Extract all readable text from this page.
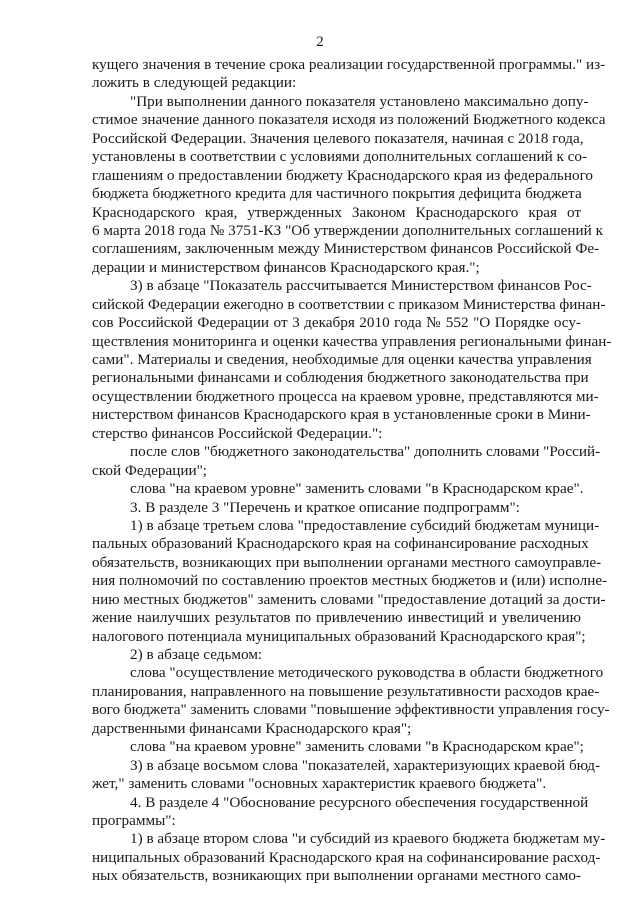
2
кущего значения в течение срока реализации государственной программы." из-
ложить в следующей редакции:
"При выполнении данного показателя установлено максимально допу-
стимое значение данного показателя исходя из положений Бюджетного кодекса
Российской Федерации. Значения целевого показателя, начиная с 2018 года,
установлены в соответствии с условиями дополнительных соглашений к со-
глашениям о предоставлении бюджету Краснодарского края из федерального
бюджета бюджетного кредита для частичного покрытия дефицита бюджета
Краснодарского края, утвержденных Законом Краснодарского края от
6 марта 2018 года № 3751-КЗ "Об утверждении дополнительных соглашений к
соглашениям, заключенным между Министерством финансов Российской Фе-
дерации и министерством финансов Краснодарского края.";
3) в абзаце "Показатель рассчитывается Министерством финансов Рос-
сийской Федерации ежегодно в соответствии с приказом Министерства финан-
сов Российской Федерации от 3 декабря 2010 года № 552 "О Порядке осу-
ществления мониторинга и оценки качества управления региональными финан-
сами". Материалы и сведения, необходимые для оценки качества управления
региональными финансами и соблюдения бюджетного законодательства при
осуществлении бюджетного процесса на краевом уровне, представляются ми-
нистерством финансов Краснодарского края в установленные сроки в Мини-
стерство финансов Российской Федерации.":
после слов "бюджетного законодательства" дополнить словами "Россий-
ской Федерации";
слова "на краевом уровне" заменить словами "в Краснодарском крае".
3. В разделе 3 "Перечень и краткое описание подпрограмм":
1) в абзаце третьем слова "предоставление субсидий бюджетам муници-
пальных образований Краснодарского края на софинансирование расходных
обязательств, возникающих при выполнении органами местного самоуправле-
ния полномочий по составлению проектов местных бюджетов и (или) исполне-
нию местных бюджетов" заменить словами "предоставление дотаций за дости-
жение наилучших результатов по привлечению инвестиций и увеличению
налогового потенциала муниципальных образований Краснодарского края";
2) в абзаце седьмом:
слова "осуществление методического руководства в области бюджетного
планирования, направленного на повышение результативности расходов крае-
вого бюджета" заменить словами "повышение эффективности управления госу-
дарственными финансами Краснодарского края";
слова "на краевом уровне" заменить словами "в Краснодарском крае";
3) в абзаце восьмом слова "показателей, характеризующих краевой бюд-
жет," заменить словами "основных характеристик краевого бюджета".
4. В разделе 4 "Обоснование ресурсного обеспечения государственной
программы":
1) в абзаце втором слова "и субсидий из краевого бюджета бюджетам му-
ниципальных образований Краснодарского края на софинансирование расход-
ных обязательств, возникающих при выполнении органами местного само-
